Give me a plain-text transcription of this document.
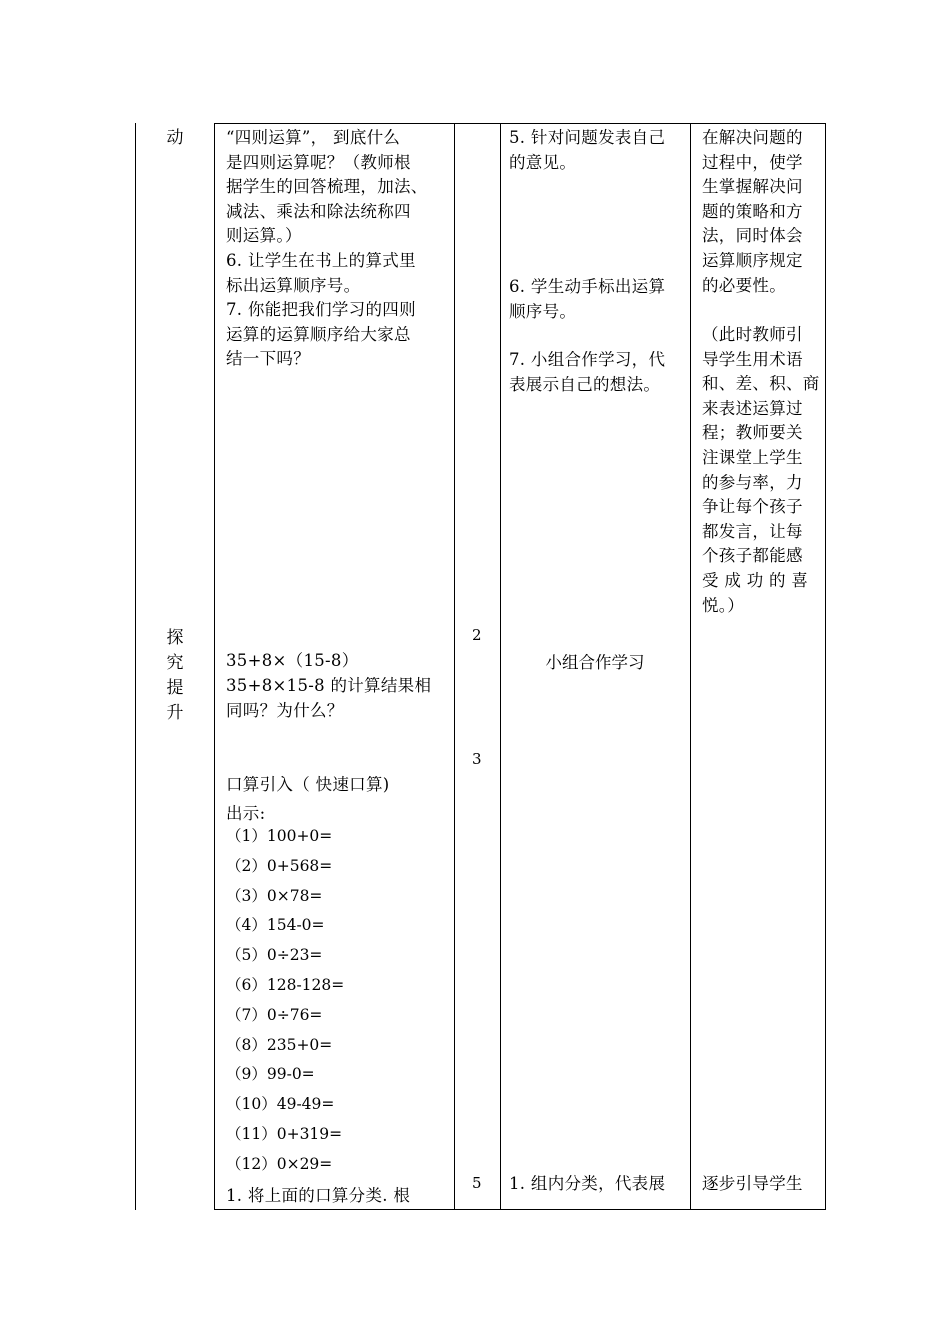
动
探
究
提
升
“四则运算”， 到底什么
是四则运算呢？（教师根
据学生的回答梳理，加法、
减法、乘法和除法统称四
则运算。）
6. 让学生在书上的算式里
标出运算顺序号。
7. 你能把我们学习的四则
运算的运算顺序给大家总
结一下吗？
35+8×（15-8）
35+8×15-8 的计算结果相
同吗？为什么？
口算引入（ 快速口算)
出示:
（1）100+0=
（2）0+568=
（3）0×78=
（4）154-0=
（5）0÷23=
（6）128-128=
（7）0÷76=
（8）235+0=
（9）99-0=
（10）49-49=
（11）0+319=
（12）0×29=
1. 将上面的口算分类. 根
2
3
5
5. 针对问题发表自己
的意见。
6. 学生动手标出运算
顺序号。
7. 小组合作学习，代
表展示自己的想法。
小组合作学习
1. 组内分类，代表展
在解决问题的
过程中，使学
生掌握解决问
题的策略和方
法，同时体会
运算顺序规定
的必要性。
（此时教师引
导学生用术语
和、差、积、商
来表述运算过
程；教师要关
注课堂上学生
的参与率，力
争让每个孩子
都发言，让每
个孩子都能感
受 成 功 的 喜
悦。）
逐步引导学生
